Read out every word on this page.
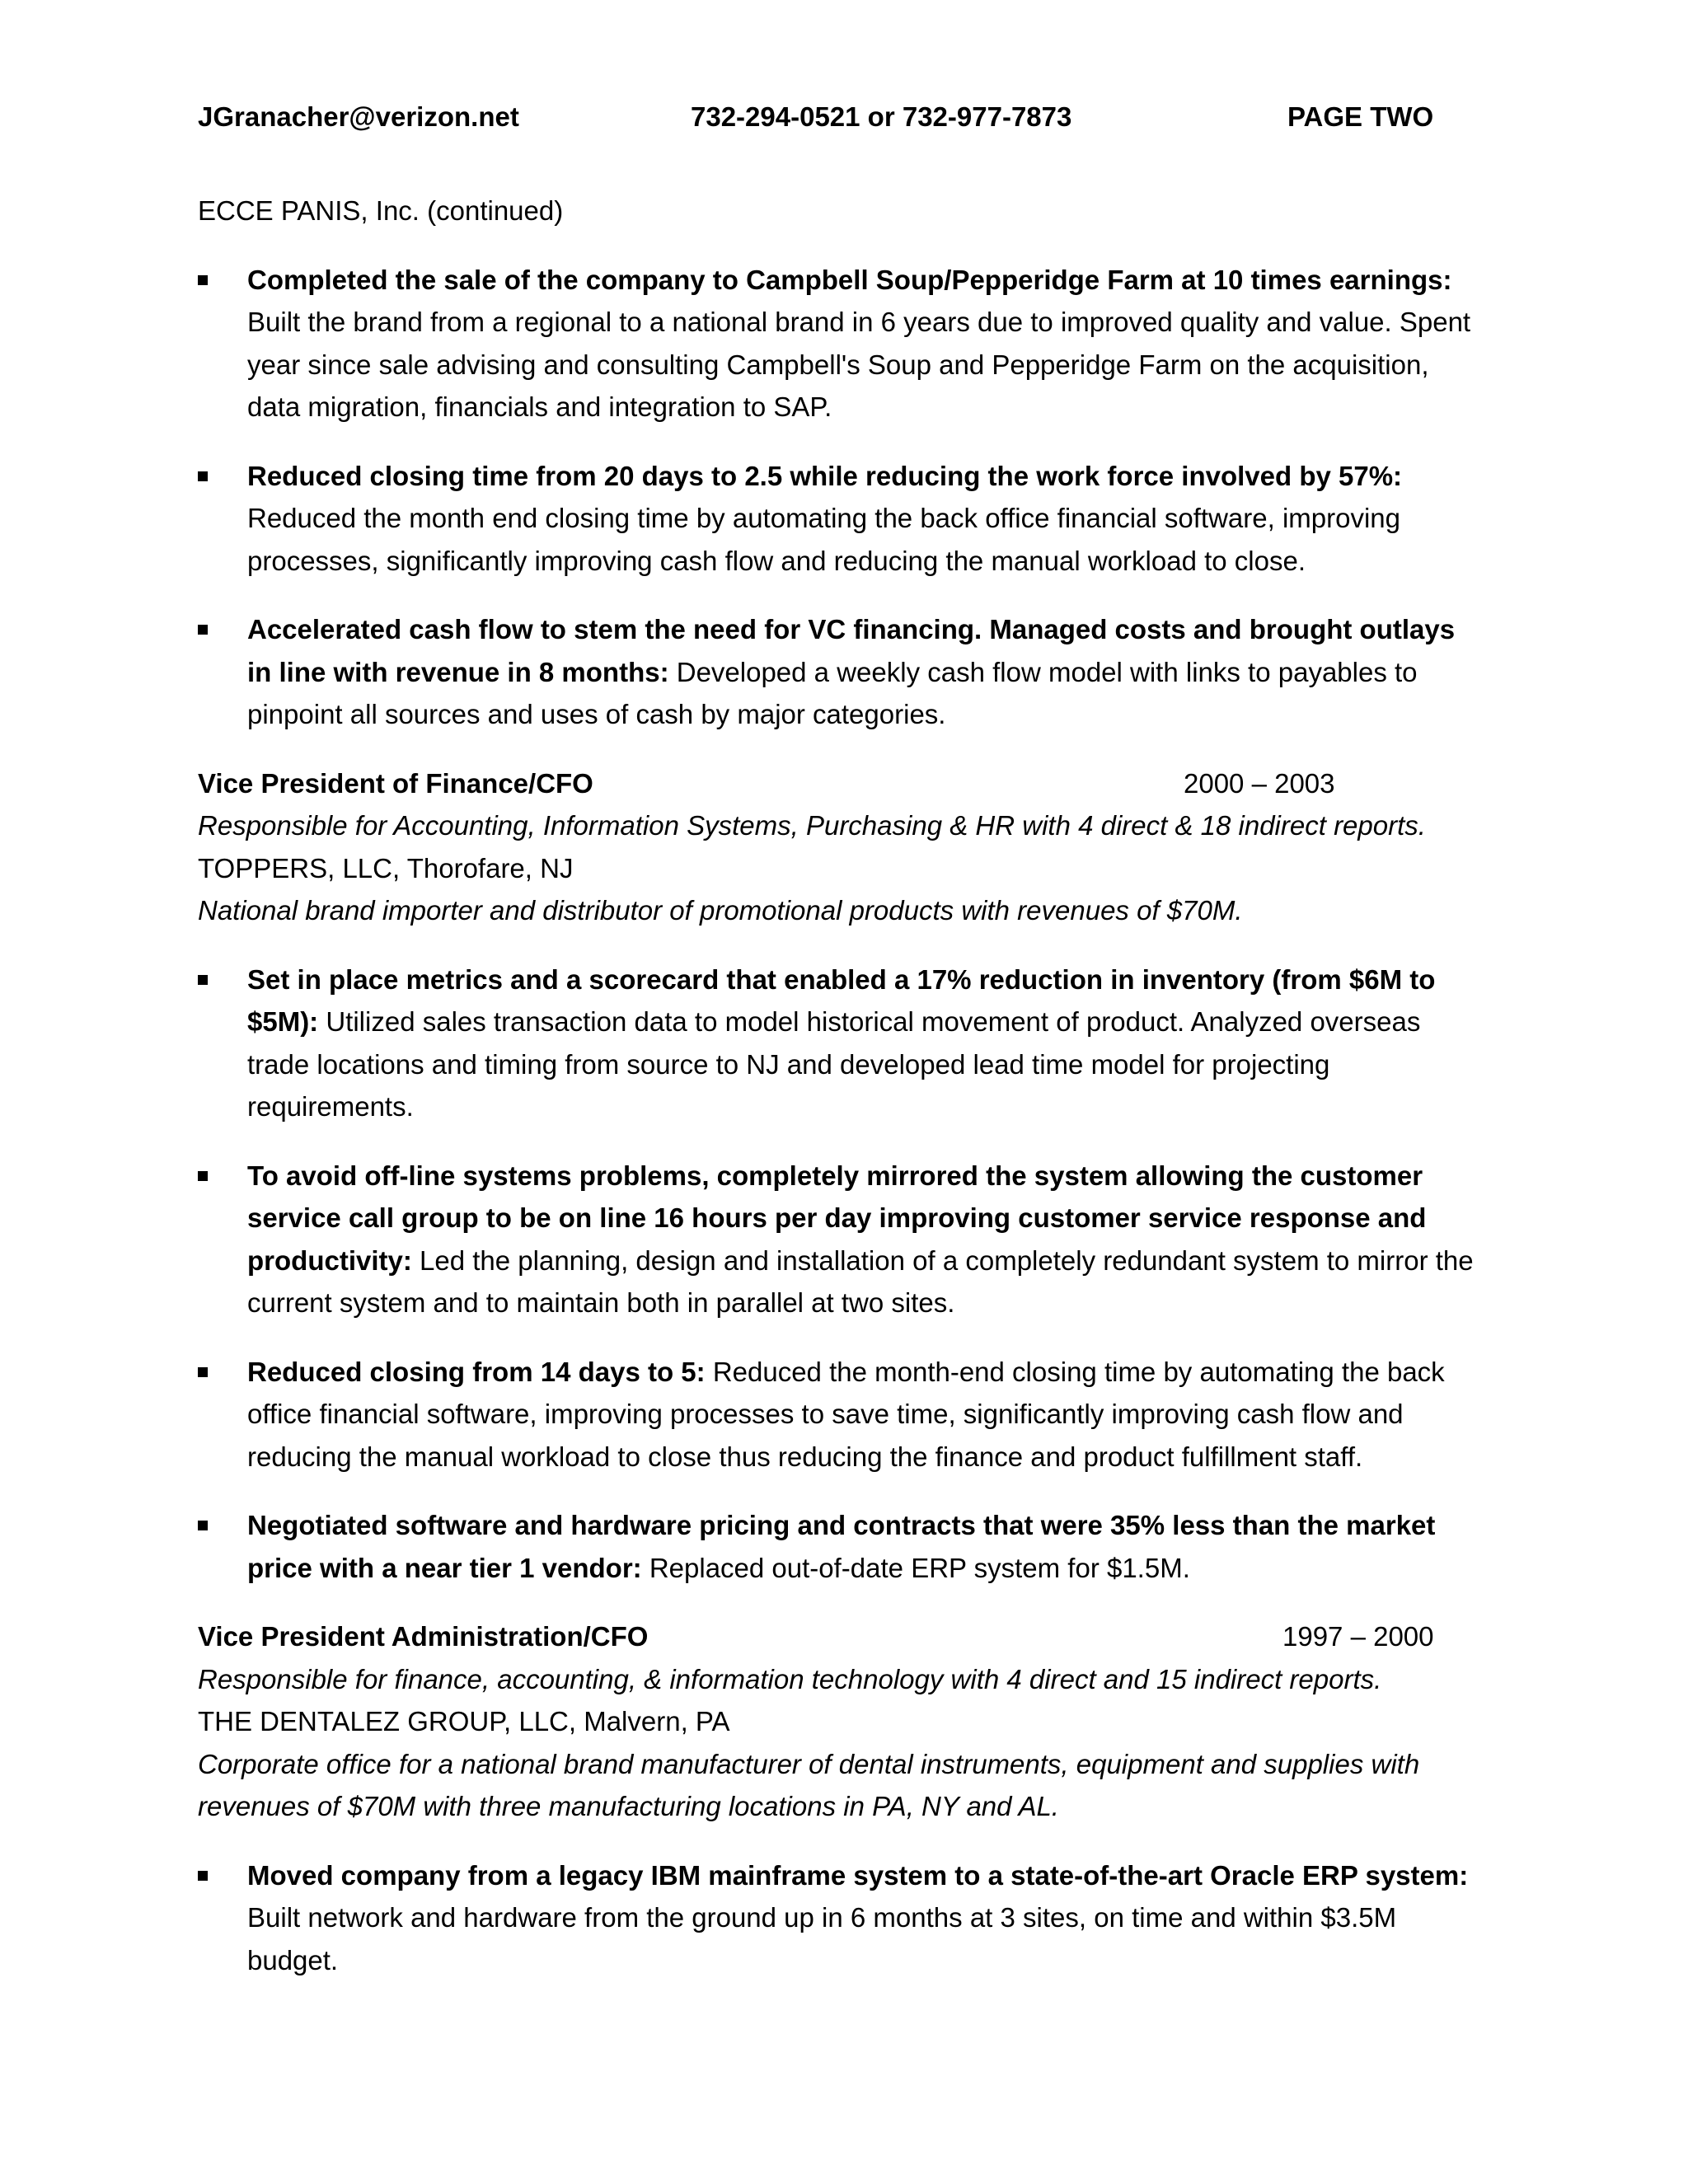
JGranacher@verizon.net	732-294-0521 or 732-977-7873	PAGE TWO

ECCE PANIS, Inc. (continued)

Completed the sale of the company to Campbell Soup/Pepperidge Farm at 10 times earnings: Built the brand from a regional to a national brand in 6 years due to improved quality and value. Spent year since sale advising and consulting Campbell's Soup and Pepperidge Farm on the acquisition, data migration, financials and integration to SAP.
Reduced closing time from 20 days to 2.5 while reducing the work force involved by 57%: Reduced the month end closing time by automating the back office financial software, improving processes, significantly improving cash flow and reducing the manual workload to close.
Accelerated cash flow to stem the need for VC financing. Managed costs and brought outlays in line with revenue in 8 months: Developed a weekly cash flow model with links to payables to pinpoint all sources and uses of cash by major categories.
Vice President of Finance/CFO	2000 – 2003

Responsible for Accounting, Information Systems, Purchasing & HR with 4 direct & 18 indirect reports.

TOPPERS, LLC, Thorofare, NJ

National brand importer and distributor of promotional products with revenues of $70M.

Set in place metrics and a scorecard that enabled a 17% reduction in inventory (from $6M to $5M): Utilized sales transaction data to model historical movement of product. Analyzed overseas trade locations and timing from source to NJ and developed lead time model for projecting requirements.
To avoid off-line systems problems, completely mirrored the system allowing the customer service call group to be on line 16 hours per day improving customer service response and productivity: Led the planning, design and installation of a completely redundant system to mirror the current system and to maintain both in parallel at two sites.
Reduced closing from 14 days to 5: Reduced the month-end closing time by automating the back office financial software, improving processes to save time, significantly improving cash flow and reducing the manual workload to close thus reducing the finance and product fulfillment staff.
Negotiated software and hardware pricing and contracts that were 35% less than the market price with a near tier 1 vendor: Replaced out-of-date ERP system for $1.5M.
Vice President Administration/CFO	1997 – 2000

Responsible for finance, accounting, & information technology with 4 direct and 15 indirect reports.

THE DENTALEZ GROUP, LLC, Malvern, PA

Corporate office for a national brand manufacturer of dental instruments, equipment and supplies with revenues of $70M with three manufacturing locations in PA, NY and AL.

Moved company from a legacy IBM mainframe system to a state-of-the-art Oracle ERP system: Built network and hardware from the ground up in 6 months at 3 sites, on time and within $3.5M budget.
